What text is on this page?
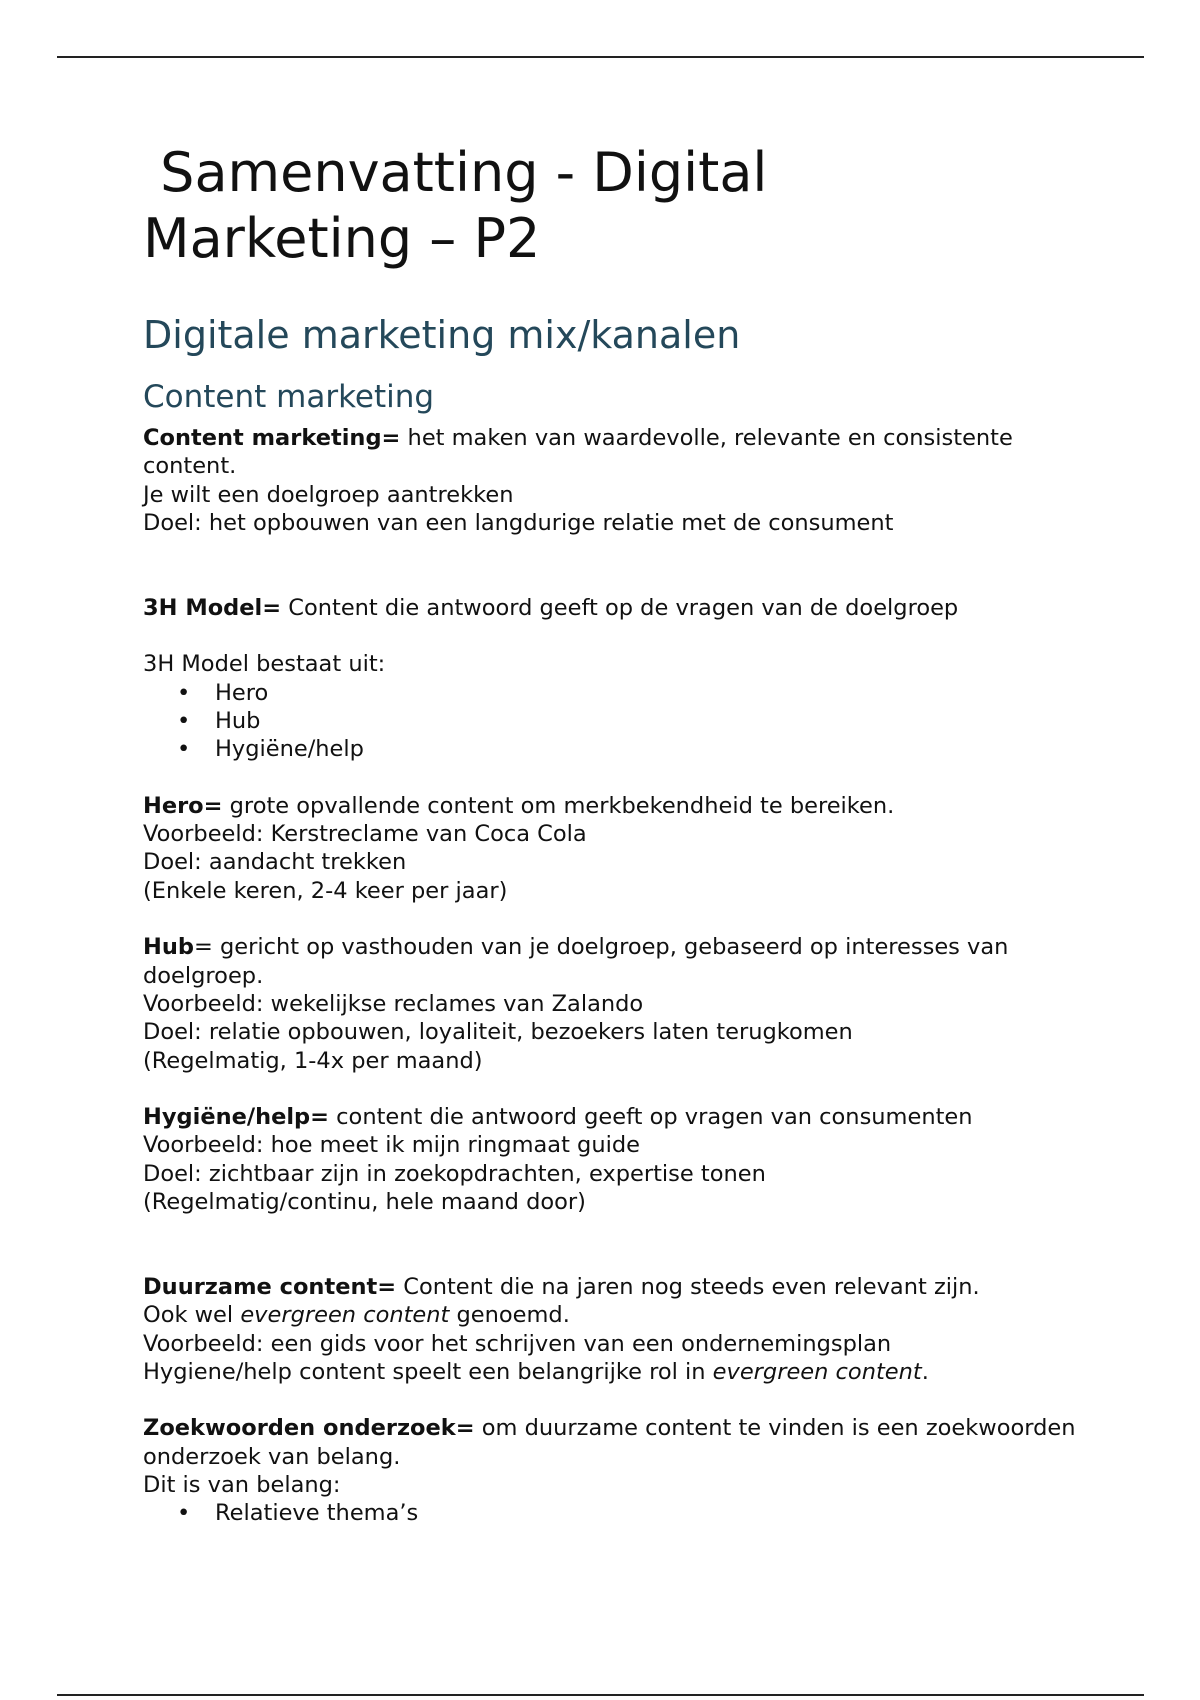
Samenvatting - Digital
Marketing – P2
Digitale marketing mix/kanalen
Content marketing

Content marketing= het maken van waardevolle, relevante en consistente content.

Je wilt een doelgroep aantrekken

Doel: het opbouwen van een langdurige relatie met de consument

3H Model= Content die antwoord geeft op de vragen van de doelgroep

3H Model bestaat uit:

• Hero
• Hub
• Hygiëne/help

Hero= grote opvallende content om merkbekendheid te bereiken.

Voorbeeld: Kerstreclame van Coca Cola

Doel: aandacht trekken

(Enkele keren, 2-4 keer per jaar)

Hub= gericht op vasthouden van je doelgroep, gebaseerd op interesses van doelgroep.

Voorbeeld: wekelijkse reclames van Zalando

Doel: relatie opbouwen, loyaliteit, bezoekers laten terugkomen

(Regelmatig, 1-4x per maand)

Hygiëne/help= content die antwoord geeft op vragen van consumenten

Voorbeeld: hoe meet ik mijn ringmaat guide

Doel: zichtbaar zijn in zoekopdrachten, expertise tonen

(Regelmatig/continu, hele maand door)

Duurzame content= Content die na jaren nog steeds even relevant zijn.

Ook wel evergreen content genoemd.

Voorbeeld: een gids voor het schrijven van een ondernemingsplan

Hygiene/help content speelt een belangrijke rol in evergreen content.

Zoekwoorden onderzoek= om duurzame content te vinden is een zoekwoorden onderzoek van belang.

Dit is van belang:

• Relatieve thema’s
